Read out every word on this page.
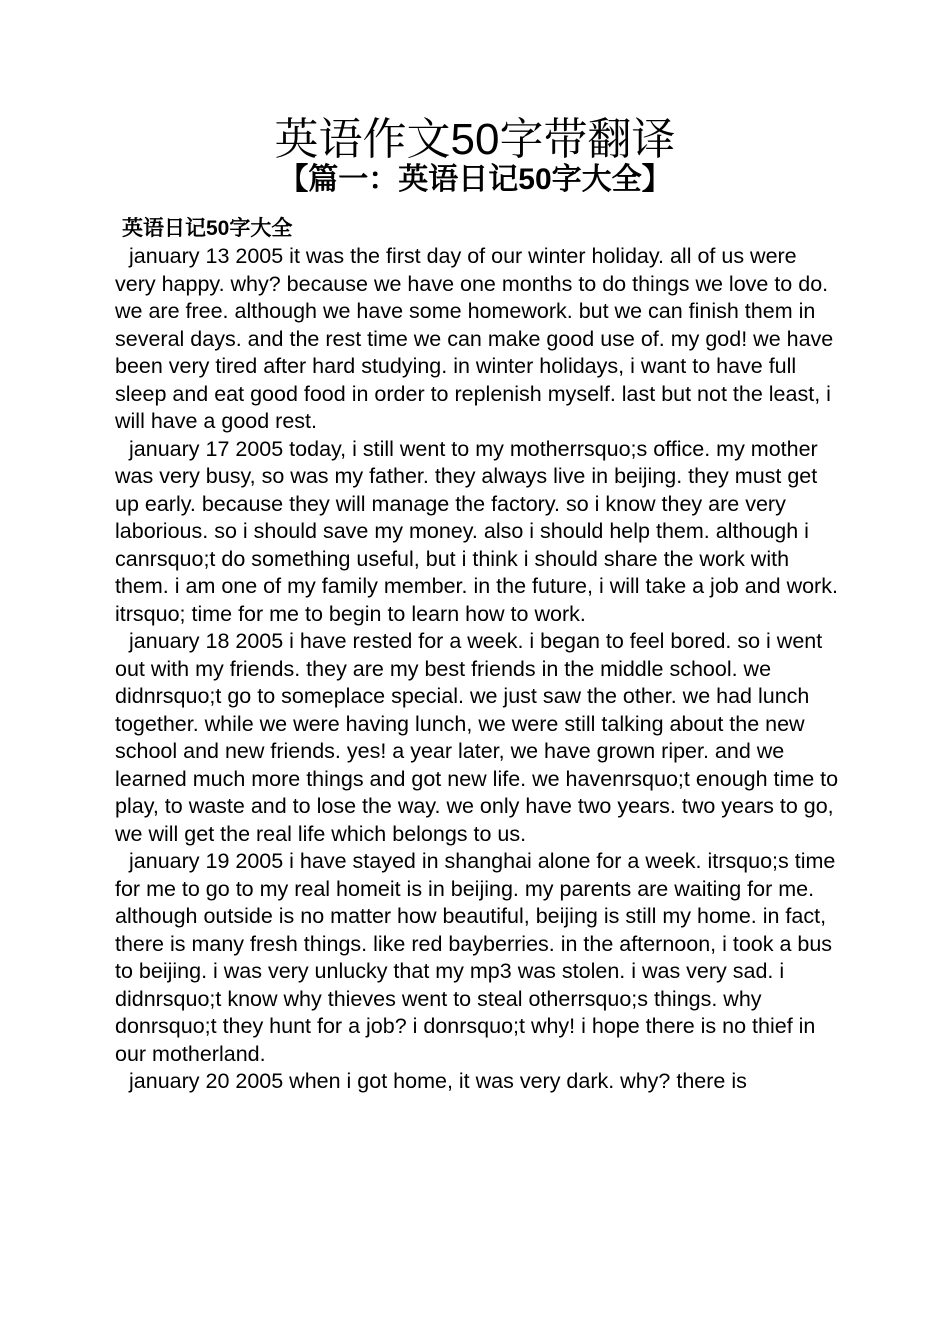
英语作文50字带翻译
【篇一：英语日记50字大全】
英语日记50字大全

january 13 2005 it was the first day of our winter holiday. all of us were very happy. why? because we have one months to do things we love to do. we are free. although we have some homework. but we can finish them in several days. and the rest time we can make good use of. my god! we have been very tired after hard studying. in winter holidays, i want to have full sleep and eat good food in order to replenish myself. last but not the least, i will have a good rest.

january 17 2005 today, i still went to my motherrsquo;s office. my mother was very busy, so was my father. they always live in beijing. they must get up early. because they will manage the factory. so i know they are very laborious. so i should save my money. also i should help them. although i canrsquo;t do something useful, but i think i should share the work with them. i am one of my family member. in the future, i will take a job and work. itrsquo; time for me to begin to learn how to work.

january 18 2005 i have rested for a week. i began to feel bored. so i went out with my friends. they are my best friends in the middle school. we didnrsquo;t go to someplace special. we just saw the other. we had lunch together. while we were having lunch, we were still talking about the new school and new friends. yes! a year later, we have grown riper. and we learned much more things and got new life. we havenrsquo;t enough time to play, to waste and to lose the way. we only have two years. two years to go, we will get the real life which belongs to us.

january 19 2005 i have stayed in shanghai alone for a week. itrsquo;s time for me to go to my real homeit is in beijing. my parents are waiting for me. although outside is no matter how beautiful, beijing is still my home. in fact, there is many fresh things. like red bayberries. in the afternoon, i took a bus to beijing. i was very unlucky that my mp3 was stolen. i was very sad. i didnrsquo;t know why thieves went to steal otherrsquo;s things. why donrsquo;t they hunt for a job? i donrsquo;t why! i hope there is no thief in our motherland.

january 20 2005 when i got home, it was very dark. why? there is
